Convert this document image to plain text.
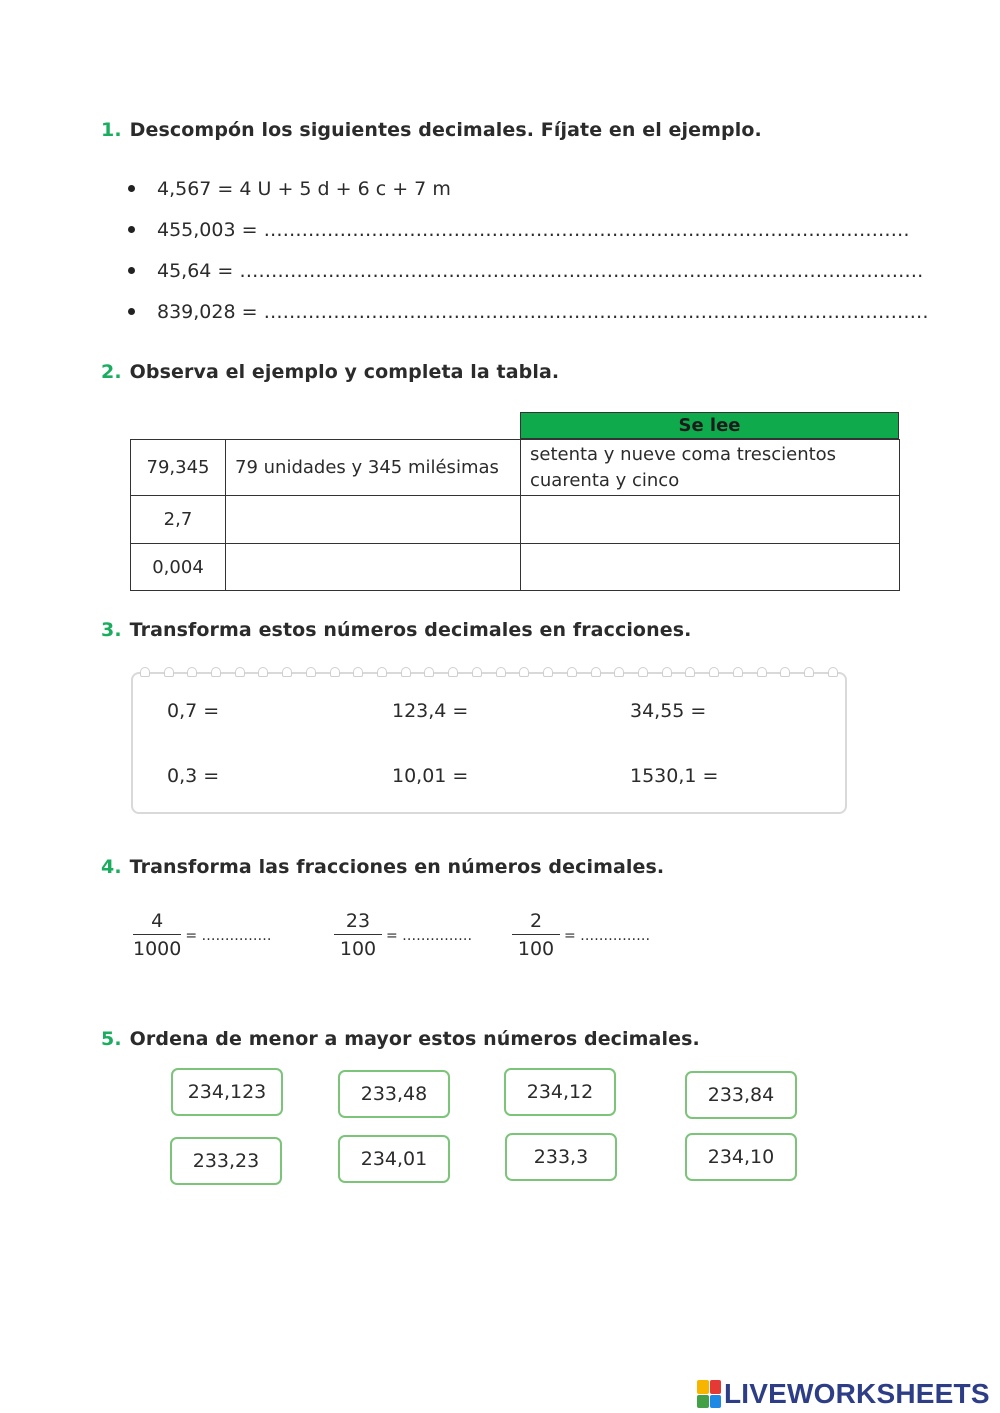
1. Descompón los siguientes decimales. Fíjate en el ejemplo.
4,567 = 4 U + 5 d + 6 c + 7 m
455,003 = …………………………………………………………………………………………
45,64 = ………………………………………………………………………………………………
839,028 = ……………………………………………………………………………………………
2. Observa el ejemplo y completa la tabla.
Se lee
79,345	79 unidades y 345 milésimas	setenta y nueve coma trescientos cuarenta y cinco
2,7		
0,004		
3. Transforma estos números decimales en fracciones.
0,7 =	123,4 =	34,55 =
0,3 =	10,01 =	1530,1 =
4. Transforma las fracciones en números decimales.
$\frac{4}{1000}$ = ……………	$\frac{23}{100}$ = …………… $\frac{2}{100}$ = ……………
5. Ordena de menor a mayor estos números decimales.
234,123	233,48	234,12	233,84
233,23	234,01	233,3	234,10
LIVEWORKSHEETS
